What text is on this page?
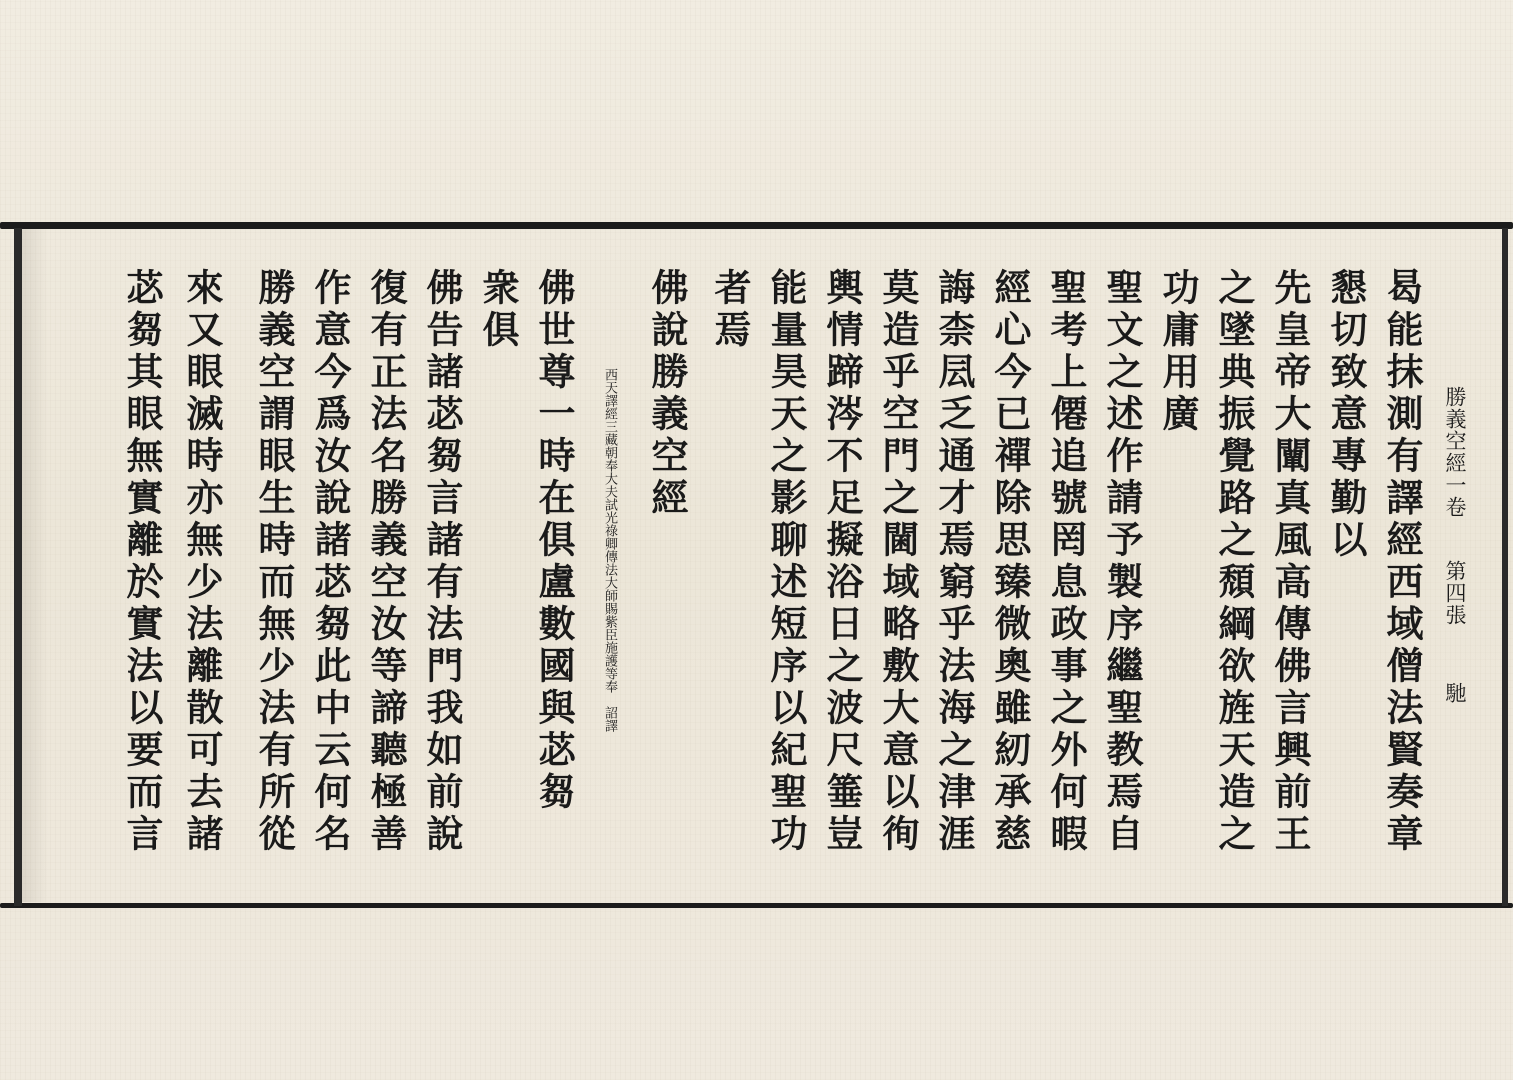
勝義空經一卷
第四張
馳
曷能抹測有譯經西域僧法賢奏章
懇切致意專勤以
先皇帝大闡真風高傳佛言興前王
之墜典振覺路之頹綱欲旌天造之
功庸用廣
聖文之述作請予製序繼聖教焉自
聖考上僊追號罔息政事之外何暇
經心今已禪除思臻微奧雖紉承慈
誨柰凨乏通才焉窮乎法海之津涯
莫造乎空門之閫域略敷大意以徇
輿情蹄涔不足擬浴日之波尺箠豈
能量昊天之影聊述短序以紀聖功
者焉
佛說勝義空經
西天譯經三藏朝奉大夫試光祿卿傳法大師賜紫臣施護等奉　詔譯
佛世尊一時在俱盧數國與苾芻
衆俱
佛告諸苾芻言諸有法門我如前說
復有正法名勝義空汝等諦聽極善
作意今爲汝說諸苾芻此中云何名
勝義空謂眼生時而無少法有所從
來又眼滅時亦無少法離散可去諸
苾芻其眼無實離於實法以要而言
